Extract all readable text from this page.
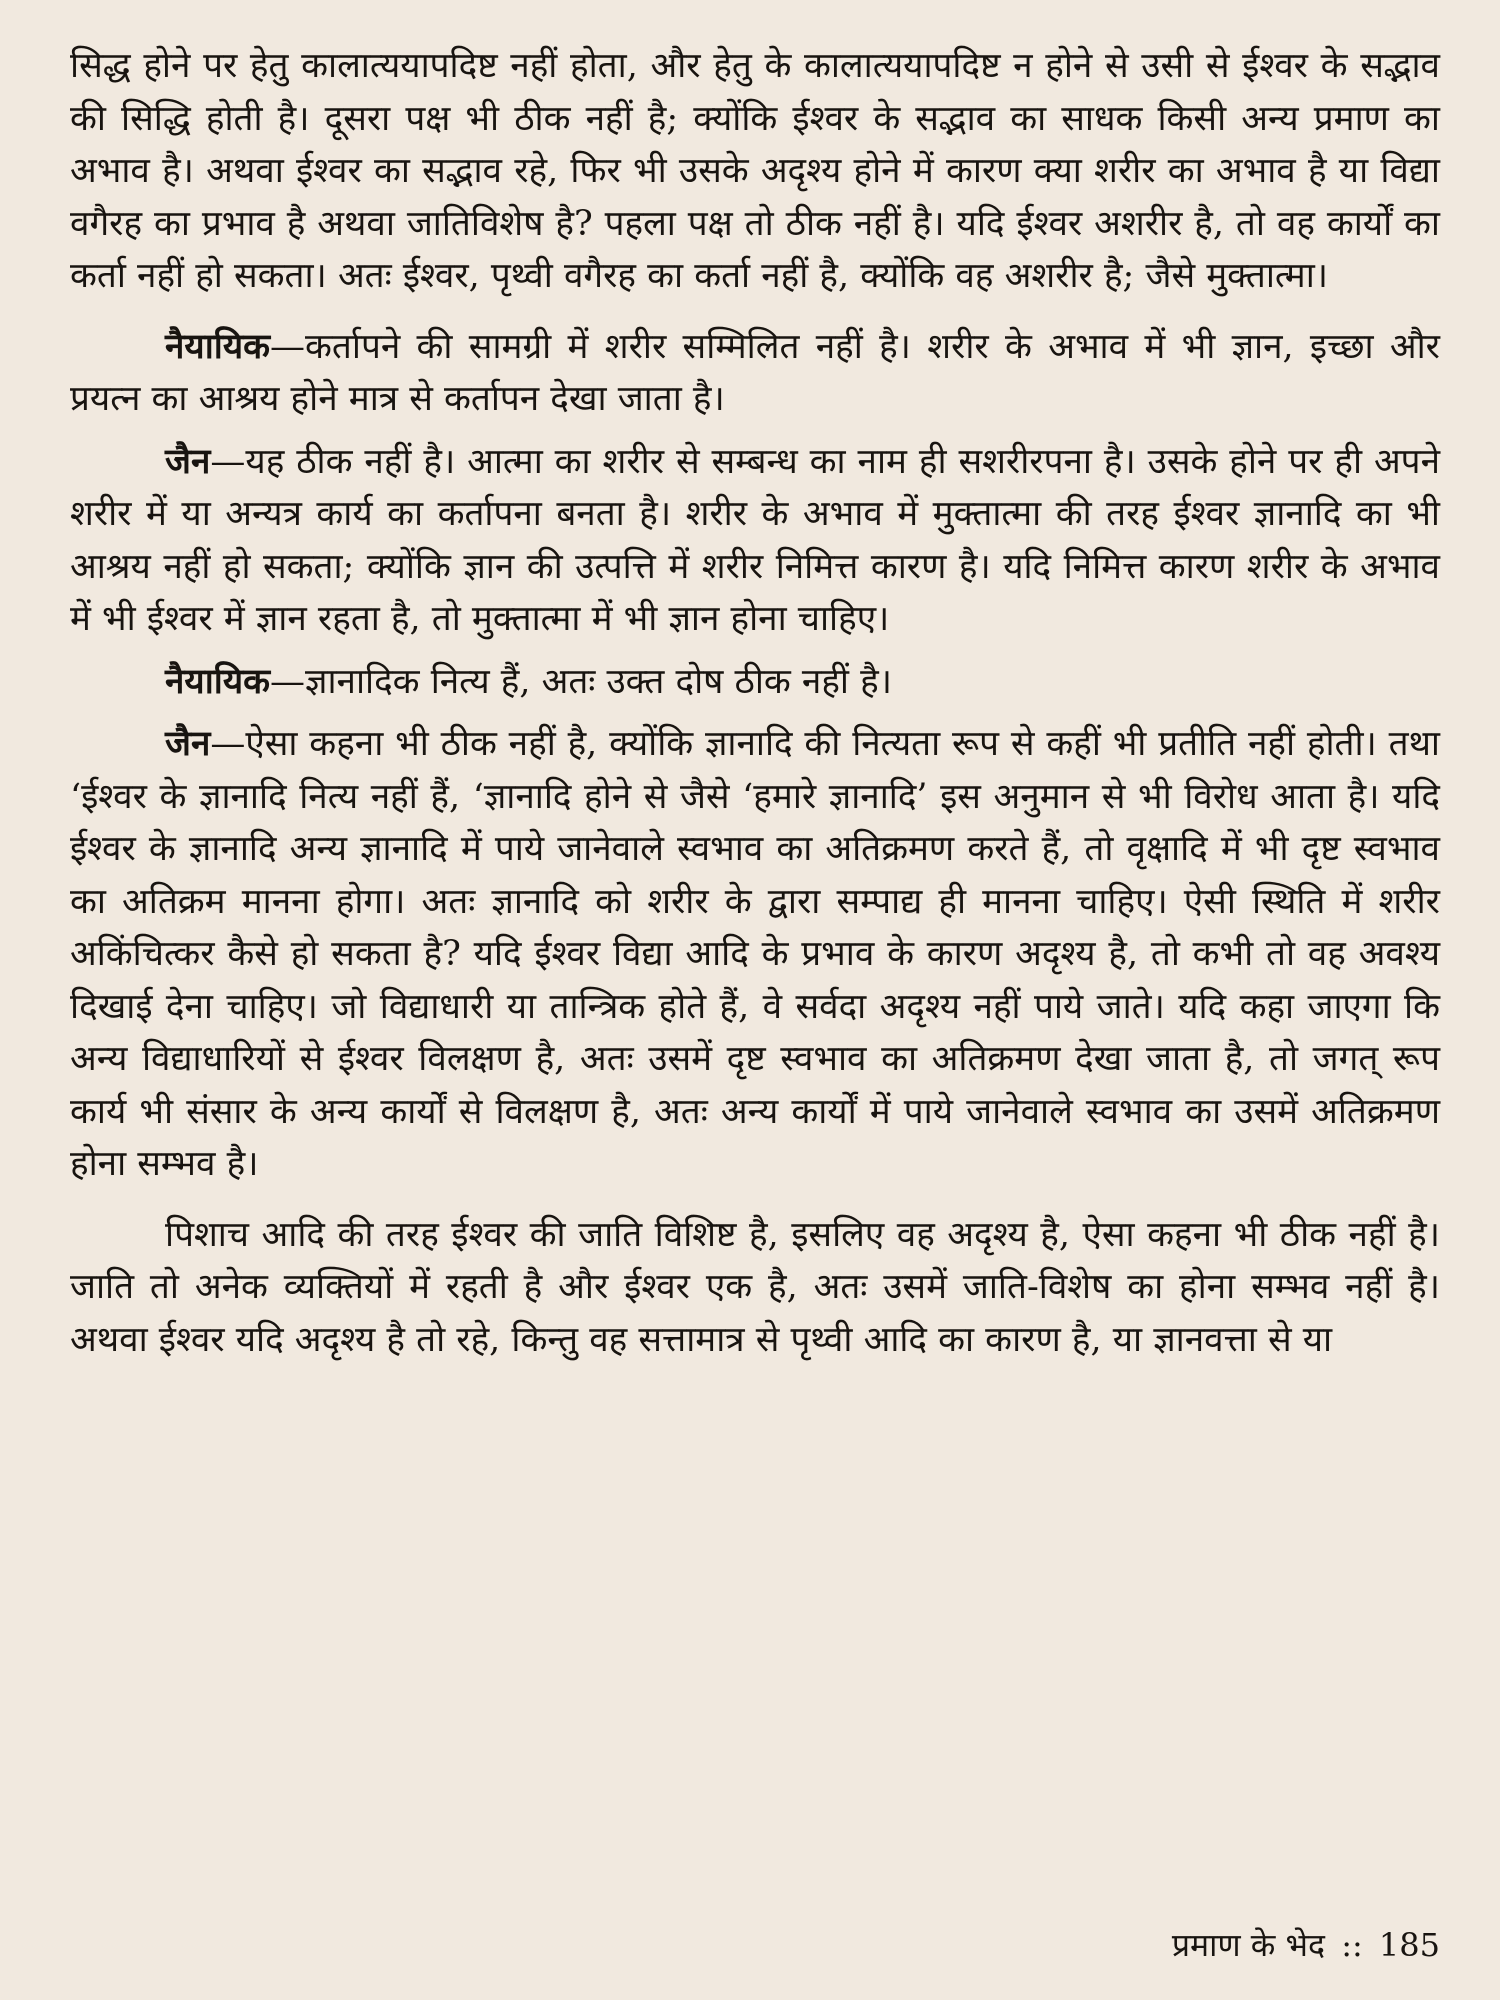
सिद्ध होने पर हेतु कालात्ययापदिष्ट नहीं होता, और हेतु के कालात्ययापदिष्ट न होने से उसी से ईश्वर के सद्भाव की सिद्धि होती है। दूसरा पक्ष भी ठीक नहीं है; क्योंकि ईश्वर के सद्भाव का साधक किसी अन्य प्रमाण का अभाव है। अथवा ईश्वर का सद्भाव रहे, फिर भी उसके अदृश्य होने में कारण क्या शरीर का अभाव है या विद्या वगैरह का प्रभाव है अथवा जातिविशेष है? पहला पक्ष तो ठीक नहीं है। यदि ईश्वर अशरीर है, तो वह कार्यों का कर्ता नहीं हो सकता। अतः ईश्वर, पृथ्वी वगैरह का कर्ता नहीं है, क्योंकि वह अशरीर है; जैसे मुक्तात्मा।

नैयायिक—कर्तापने की सामग्री में शरीर सम्मिलित नहीं है। शरीर के अभाव में भी ज्ञान, इच्छा और प्रयत्न का आश्रय होने मात्र से कर्तापन देखा जाता है।

जैन—यह ठीक नहीं है। आत्मा का शरीर से सम्बन्ध का नाम ही सशरीरपना है। उसके होने पर ही अपने शरीर में या अन्यत्र कार्य का कर्तापना बनता है। शरीर के अभाव में मुक्तात्मा की तरह ईश्वर ज्ञानादि का भी आश्रय नहीं हो सकता; क्योंकि ज्ञान की उत्पत्ति में शरीर निमित्त कारण है। यदि निमित्त कारण शरीर के अभाव में भी ईश्वर में ज्ञान रहता है, तो मुक्तात्मा में भी ज्ञान होना चाहिए।

नैयायिक—ज्ञानादिक नित्य हैं, अतः उक्त दोष ठीक नहीं है।

जैन—ऐसा कहना भी ठीक नहीं है, क्योंकि ज्ञानादि की नित्यता रूप से कहीं भी प्रतीति नहीं होती। तथा ‘ईश्वर के ज्ञानादि नित्य नहीं हैं, ‘ज्ञानादि होने से जैसे ‘हमारे ज्ञानादि’ इस अनुमान से भी विरोध आता है। यदि ईश्वर के ज्ञानादि अन्य ज्ञानादि में पाये जानेवाले स्वभाव का अतिक्रमण करते हैं, तो वृक्षादि में भी दृष्ट स्वभाव का अतिक्रम मानना होगा। अतः ज्ञानादि को शरीर के द्वारा सम्पाद्य ही मानना चाहिए। ऐसी स्थिति में शरीर अकिंचित्कर कैसे हो सकता है? यदि ईश्वर विद्या आदि के प्रभाव के कारण अदृश्य है, तो कभी तो वह अवश्य दिखाई देना चाहिए। जो विद्याधारी या तान्त्रिक होते हैं, वे सर्वदा अदृश्य नहीं पाये जाते। यदि कहा जाएगा कि अन्य विद्याधारियों से ईश्वर विलक्षण है, अतः उसमें दृष्ट स्वभाव का अतिक्रमण देखा जाता है, तो जगत् रूप कार्य भी संसार के अन्य कार्यों से विलक्षण है, अतः अन्य कार्यों में पाये जानेवाले स्वभाव का उसमें अतिक्रमण होना सम्भव है।

पिशाच आदि की तरह ईश्वर की जाति विशिष्ट है, इसलिए वह अदृश्य है, ऐसा कहना भी ठीक नहीं है। जाति तो अनेक व्यक्तियों में रहती है और ईश्वर एक है, अतः उसमें जाति-विशेष का होना सम्भव नहीं है। अथवा ईश्वर यदि अदृश्य है तो रहे, किन्तु वह सत्तामात्र से पृथ्वी आदि का कारण है, या ज्ञानवत्ता से या

प्रमाण के भेद :: 185
